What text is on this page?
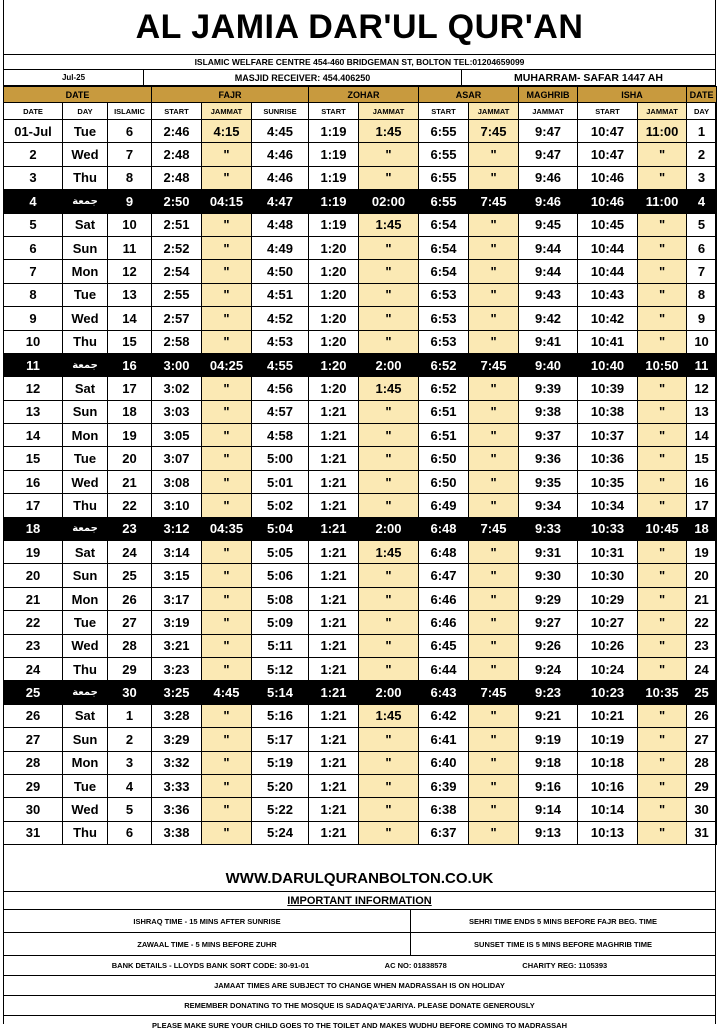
AL JAMIA DAR'UL QUR'AN
ISLAMIC WELFARE CENTRE 454-460 BRIDGEMAN ST, BOLTON TEL:01204659099
Jul-25	MASJID RECEIVER: 454.406250	MUHARRAM- SAFAR 1447 AH
DATE			FAJR			ZOHAR		ASAR		MAGHRIB	ISHA		DATE
DATE	DAY	ISLAMIC	START	JAMMAT	SUNRISE	START	JAMMAT	START	JAMMAT	JAMMAT	START	JAMMAT	DAY
01-Jul	Tue	6	2:46	4:15	4:45	1:19	1:45	6:55	7:45	9:47	10:47	11:00	1
2	Wed	7	2:48	"	4:46	1:19	"	6:55	"	9:47	10:47	"	2
3	Thu	8	2:48	"	4:46	1:19	"	6:55	"	9:46	10:46	"	3
4	جمعة	9	2:50	04:15	4:47	1:19	02:00	6:55	7:45	9:46	10:46	11:00	4
5	Sat	10	2:51	"	4:48	1:19	1:45	6:54	"	9:45	10:45	"	5
6	Sun	11	2:52	"	4:49	1:20	"	6:54	"	9:44	10:44	"	6
7	Mon	12	2:54	"	4:50	1:20	"	6:54	"	9:44	10:44	"	7
8	Tue	13	2:55	"	4:51	1:20	"	6:53	"	9:43	10:43	"	8
9	Wed	14	2:57	"	4:52	1:20	"	6:53	"	9:42	10:42	"	9
10	Thu	15	2:58	"	4:53	1:20	"	6:53	"	9:41	10:41	"	10
11	جمعة	16	3:00	04:25	4:55	1:20	2:00	6:52	7:45	9:40	10:40	10:50	11
12	Sat	17	3:02	"	4:56	1:20	1:45	6:52	"	9:39	10:39	"	12
13	Sun	18	3:03	"	4:57	1:21	"	6:51	"	9:38	10:38	"	13
14	Mon	19	3:05	"	4:58	1:21	"	6:51	"	9:37	10:37	"	14
15	Tue	20	3:07	"	5:00	1:21	"	6:50	"	9:36	10:36	"	15
16	Wed	21	3:08	"	5:01	1:21	"	6:50	"	9:35	10:35	"	16
17	Thu	22	3:10	"	5:02	1:21	"	6:49	"	9:34	10:34	"	17
18	جمعة	23	3:12	04:35	5:04	1:21	2:00	6:48	7:45	9:33	10:33	10:45	18
19	Sat	24	3:14	"	5:05	1:21	1:45	6:48	"	9:31	10:31	"	19
20	Sun	25	3:15	"	5:06	1:21	"	6:47	"	9:30	10:30	"	20
21	Mon	26	3:17	"	5:08	1:21	"	6:46	"	9:29	10:29	"	21
22	Tue	27	3:19	"	5:09	1:21	"	6:46	"	9:27	10:27	"	22
23	Wed	28	3:21	"	5:11	1:21	"	6:45	"	9:26	10:26	"	23
24	Thu	29	3:23	"	5:12	1:21	"	6:44	"	9:24	10:24	"	24
25	جمعة	30	3:25	4:45	5:14	1:21	2:00	6:43	7:45	9:23	10:23	10:35	25
26	Sat	1	3:28	"	5:16	1:21	1:45	6:42	"	9:21	10:21	"	26
27	Sun	2	3:29	"	5:17	1:21	"	6:41	"	9:19	10:19	"	27
28	Mon	3	3:32	"	5:19	1:21	"	6:40	"	9:18	10:18	"	28
29	Tue	4	3:33	"	5:20	1:21	"	6:39	"	9:16	10:16	"	29
30	Wed	5	3:36	"	5:22	1:21	"	6:38	"	9:14	10:14	"	30
31	Thu	6	3:38	"	5:24	1:21	"	6:37	"	9:13	10:13	"	31
WWW.DARULQURANBOLTON.CO.UK
IMPORTANT INFORMATION
ISHRAQ TIME - 15 MINS AFTER SUNRISE	SEHRI TIME ENDS 5 MINS BEFORE FAJR BEG. TIME
ZAWAAL TIME - 5 MINS BEFORE ZUHR	SUNSET TIME IS 5 MINS BEFORE MAGHRIB TIME
BANK DETAILS - LLOYDS BANK SORT CODE: 30-91-01	AC NO: 01838578	CHARITY REG: 1105393
JAMAAT TIMES ARE SUBJECT TO CHANGE WHEN MADRASSAH IS ON HOLIDAY
REMEMBER DONATING TO THE MOSQUE IS SADAQA'E'JARIYA. PLEASE DONATE GENEROUSLY
PLEASE MAKE SURE YOUR CHILD GOES TO THE TOILET AND MAKES WUDHU BEFORE COMING TO MADRASSAH
